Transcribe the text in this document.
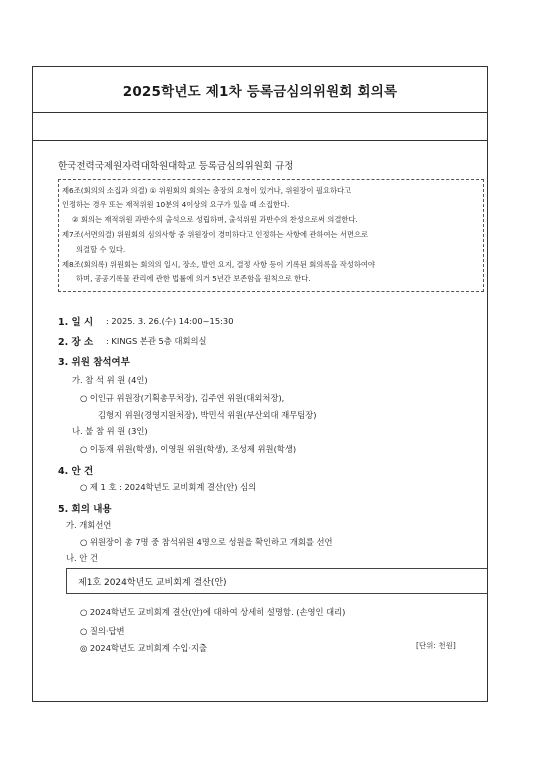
2025학년도 제1차 등록금심의위원회 회의록
한국전력국제원자력대학원대학교 등록금심의위원회 규정
제6조(회의의 소집과 의결) ① 위원회의 회의는 총장의 요청이 있거나, 위원장이 필요하다고
인정하는 경우 또는 재적위원 10분의 4이상의 요구가 있을 때 소집한다.
② 회의는 재적위원 과반수의 출석으로 성립하며, 출석위원 과반수의 찬성으로써 의결한다.
제7조(서면의결) 위원회의 심의사항 중 위원장이 경미하다고 인정하는 사항에 관하여는 서면으로
의결할 수 있다.
제8조(회의록) 위원회는 회의의 일시, 장소, 발언 요지, 결정 사항 등이 기록된 회의록을 작성하여야
하며, 공공기록물 관리에 관한 법률에 의거 5년간 보존함을 원칙으로 한다.
1. 일 시 : 2025. 3. 26.(수) 14:00~15:30
2. 장 소 : KINGS 본관 5층 대회의실
3. 위원 참석여부
가. 참 석 위 원 (4인)
○ 이인규 위원장(기획총무처장), 김주연 위원(대외처장),
김형지 위원(경영지원처장), 박민석 위원(부산외대 재무팀장)
나. 불 참 위 원 (3인)
○ 이동재 위원(학생), 이영원 위원(학생), 조성제 위원(학생)
4. 안 건
○ 제 1 호 : 2024학년도 교비회계 결산(안) 심의
5. 회의 내용
가. 개회선언
○ 위원장이 총 7명 중 참석위원 4명으로 성원을 확인하고 개회를 선언
나. 안 건
제1호 2024학년도 교비회계 결산(안)
○ 2024학년도 교비회계 결산(안)에 대하여 상세히 설명함. (손영인 대리)
○ 질의·답변
◎ 2024학년도 교비회계 수입·지출	[단위: 천원]
